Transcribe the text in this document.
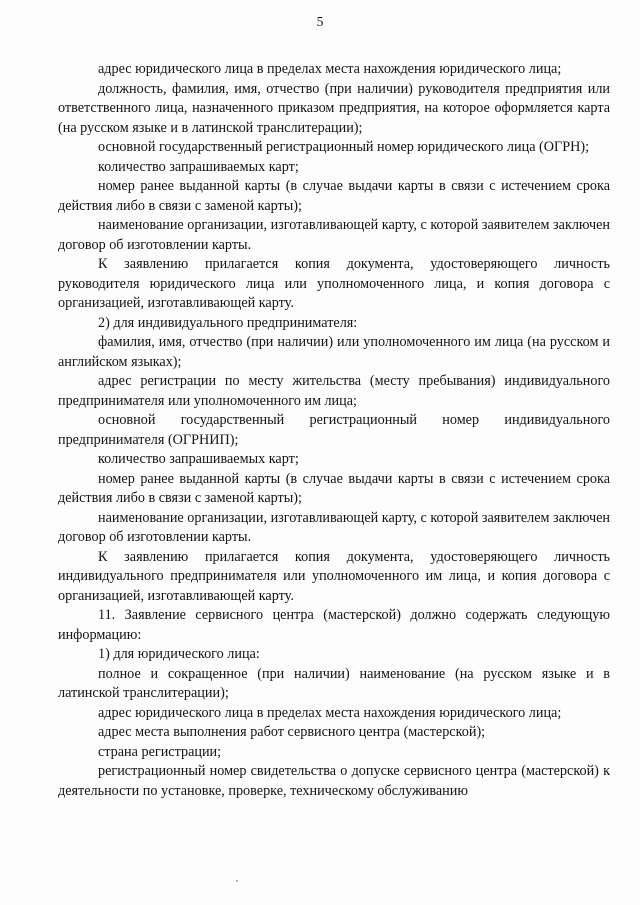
5

адрес юридического лица в пределах места нахождения юридического лица;

должность, фамилия, имя, отчество (при наличии) руководителя предприятия или ответственного лица, назначенного приказом предприятия, на которое оформляется карта (на русском языке и в латинской транслитерации);

основной государственный регистрационный номер юридического лица (ОГРН);

количество запрашиваемых карт;

номер ранее выданной карты (в случае выдачи карты в связи с истечением срока действия либо в связи с заменой карты);

наименование организации, изготавливающей карту, с которой заявителем заключен договор об изготовлении карты.

К заявлению прилагается копия документа, удостоверяющего личность руководителя юридического лица или уполномоченного лица, и копия договора с организацией, изготавливающей карту.

2) для индивидуального предпринимателя:

фамилия, имя, отчество (при наличии) или уполномоченного им лица (на русском и английском языках);

адрес регистрации по месту жительства (месту пребывания) индивидуального предпринимателя или уполномоченного им лица;

основной государственный регистрационный номер индивидуального предпринимателя (ОГРНИП);

количество запрашиваемых карт;

номер ранее выданной карты (в случае выдачи карты в связи с истечением срока действия либо в связи с заменой карты);

наименование организации, изготавливающей карту, с которой заявителем заключен договор об изготовлении карты.

К заявлению прилагается копия документа, удостоверяющего личность индивидуального предпринимателя или уполномоченного им лица, и копия договора с организацией, изготавливающей карту.

11. Заявление сервисного центра (мастерской) должно содержать следующую информацию:

1) для юридического лица:

полное и сокращенное (при наличии) наименование (на русском языке и в латинской транслитерации);

адрес юридического лица в пределах места нахождения юридического лица;

адрес места выполнения работ сервисного центра (мастерской);

страна регистрации;

регистрационный номер свидетельства о допуске сервисного центра (мастерской) к деятельности по установке, проверке, техническому обслуживанию
